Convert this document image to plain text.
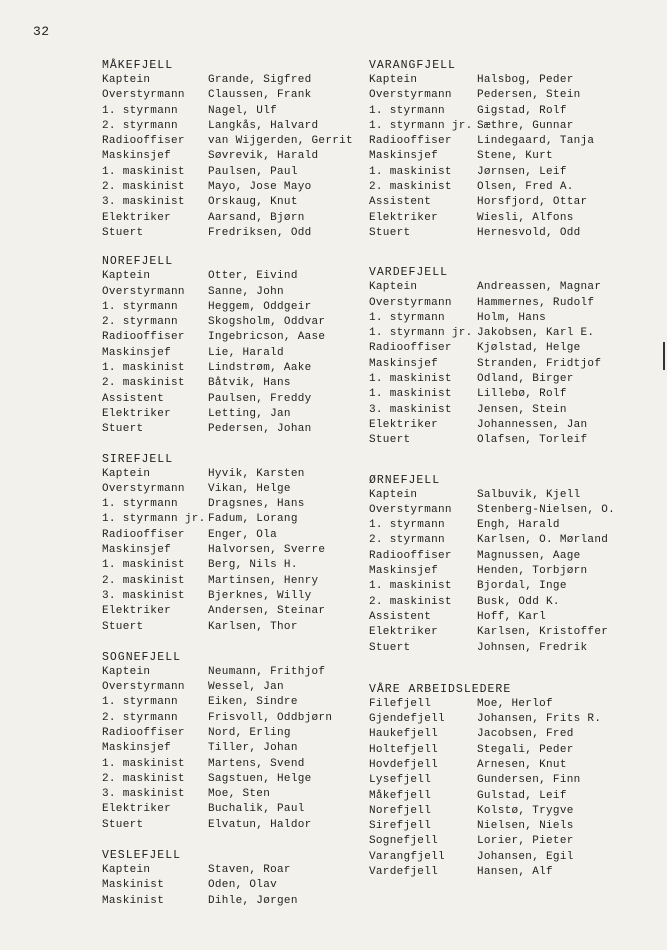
32
MÅKEFJELL
Kaptein	Grande, Sigfred
Overstyrmann	Claussen, Frank
1. styrmann	Nagel, Ulf
2. styrmann	Langkås, Halvard
Radiooffiser	van Wijgerden, Gerrit
Maskinsjef	Søvrevik, Harald
1. maskinist	Paulsen, Paul
2. maskinist	Mayo, Jose Mayo
3. maskinist	Orskaug, Knut
Elektriker	Aarsand, Bjørn
Stuert	Fredriksen, Odd
NOREFJELL
Kaptein	Otter, Eivind
Overstyrmann	Sanne, John
1. styrmann	Heggem, Oddgeir
2. styrmann	Skogsholm, Oddvar
Radiooffiser	Ingebricson, Aase
Maskinsjef	Lie, Harald
1. maskinist	Lindstrøm, Aake
2. maskinist	Båtvik, Hans
Assistent	Paulsen, Freddy
Elektriker	Letting, Jan
Stuert	Pedersen, Johan
SIREFJELL
Kaptein	Hyvik, Karsten
Overstyrmann	Vikan, Helge
1. styrmann	Dragsnes, Hans
1. styrmann jr. Fadum, Lorang
Radiooffiser	Enger, Ola
Maskinsjef	Halvorsen, Sverre
1. maskinist	Berg, Nils H.
2. maskinist	Martinsen, Henry
3. maskinist	Bjerknes, Willy
Elektriker	Andersen, Steinar
Stuert	Karlsen, Thor
SOGNEFJELL
Kaptein	Neumann, Frithjof
Overstyrmann	Wessel, Jan
1. styrmann	Eiken, Sindre
2. styrmann	Frisvoll, Oddbjørn
Radiooffiser	Nord, Erling
Maskinsjef	Tiller, Johan
1. maskinist	Martens, Svend
2. maskinist	Sagstuen, Helge
3. maskinist	Moe, Sten
Elektriker	Buchalik, Paul
Stuert	Elvatun, Haldor
VESLEFJELL
Kaptein	Staven, Roar
Maskinist	Oden, Olav
Maskinist	Dihle, Jørgen
VARANGFJELL
Kaptein	Halsbog, Peder
Overstyrmann	Pedersen, Stein
1. styrmann	Gigstad, Rolf
1. styrmann jr. Sæthre, Gunnar
Radiooffiser	Lindegaard, Tanja
Maskinsjef	Stene, Kurt
1. maskinist	Jørnsen, Leif
2. maskinist	Olsen, Fred A.
Assistent	Horsfjord, Ottar
Elektriker	Wiesli, Alfons
Stuert	Hernesvold, Odd
VARDEFJELL
Kaptein	Andreassen, Magnar
Overstyrmann	Hammernes, Rudolf
1. styrmann	Holm, Hans
1. styrmann jr. Jakobsen, Karl E.
Radiooffiser	Kjølstad, Helge
Maskinsjef	Stranden, Fridtjof
1. maskinist	Odland, Birger
1. maskinist	Lillebø, Rolf
3. maskinist	Jensen, Stein
Elektriker	Johannessen, Jan
Stuert	Olafsen, Torleif
ØRNEFJELL
Kaptein	Salbuvik, Kjell
Overstyrmann	Stenberg-Nielsen, O.
1. styrmann	Engh, Harald
2. styrmann	Karlsen, O. Mørland
Radiooffiser	Magnussen, Aage
Maskinsjef	Henden, Torbjørn
1. maskinist	Bjordal, Inge
2. maskinist	Busk, Odd K.
Assistent	Hoff, Karl
Elektriker	Karlsen, Kristoffer
Stuert	Johnsen, Fredrik
VÅRE ARBEIDSLEDERE
Filefjell	Moe, Herlof
Gjendefjell	Johansen, Frits R.
Haukefjell	Jacobsen, Fred
Holtefjell	Stegali, Peder
Hovdefjell	Arnesen, Knut
Lysefjell	Gundersen, Finn
Måkefjell	Gulstad, Leif
Norefjell	Kolstø, Trygve
Sirefjell	Nielsen, Niels
Sognefjell	Lorier, Pieter
Varangfjell	Johansen, Egil
Vardefjell	Hansen, Alf
